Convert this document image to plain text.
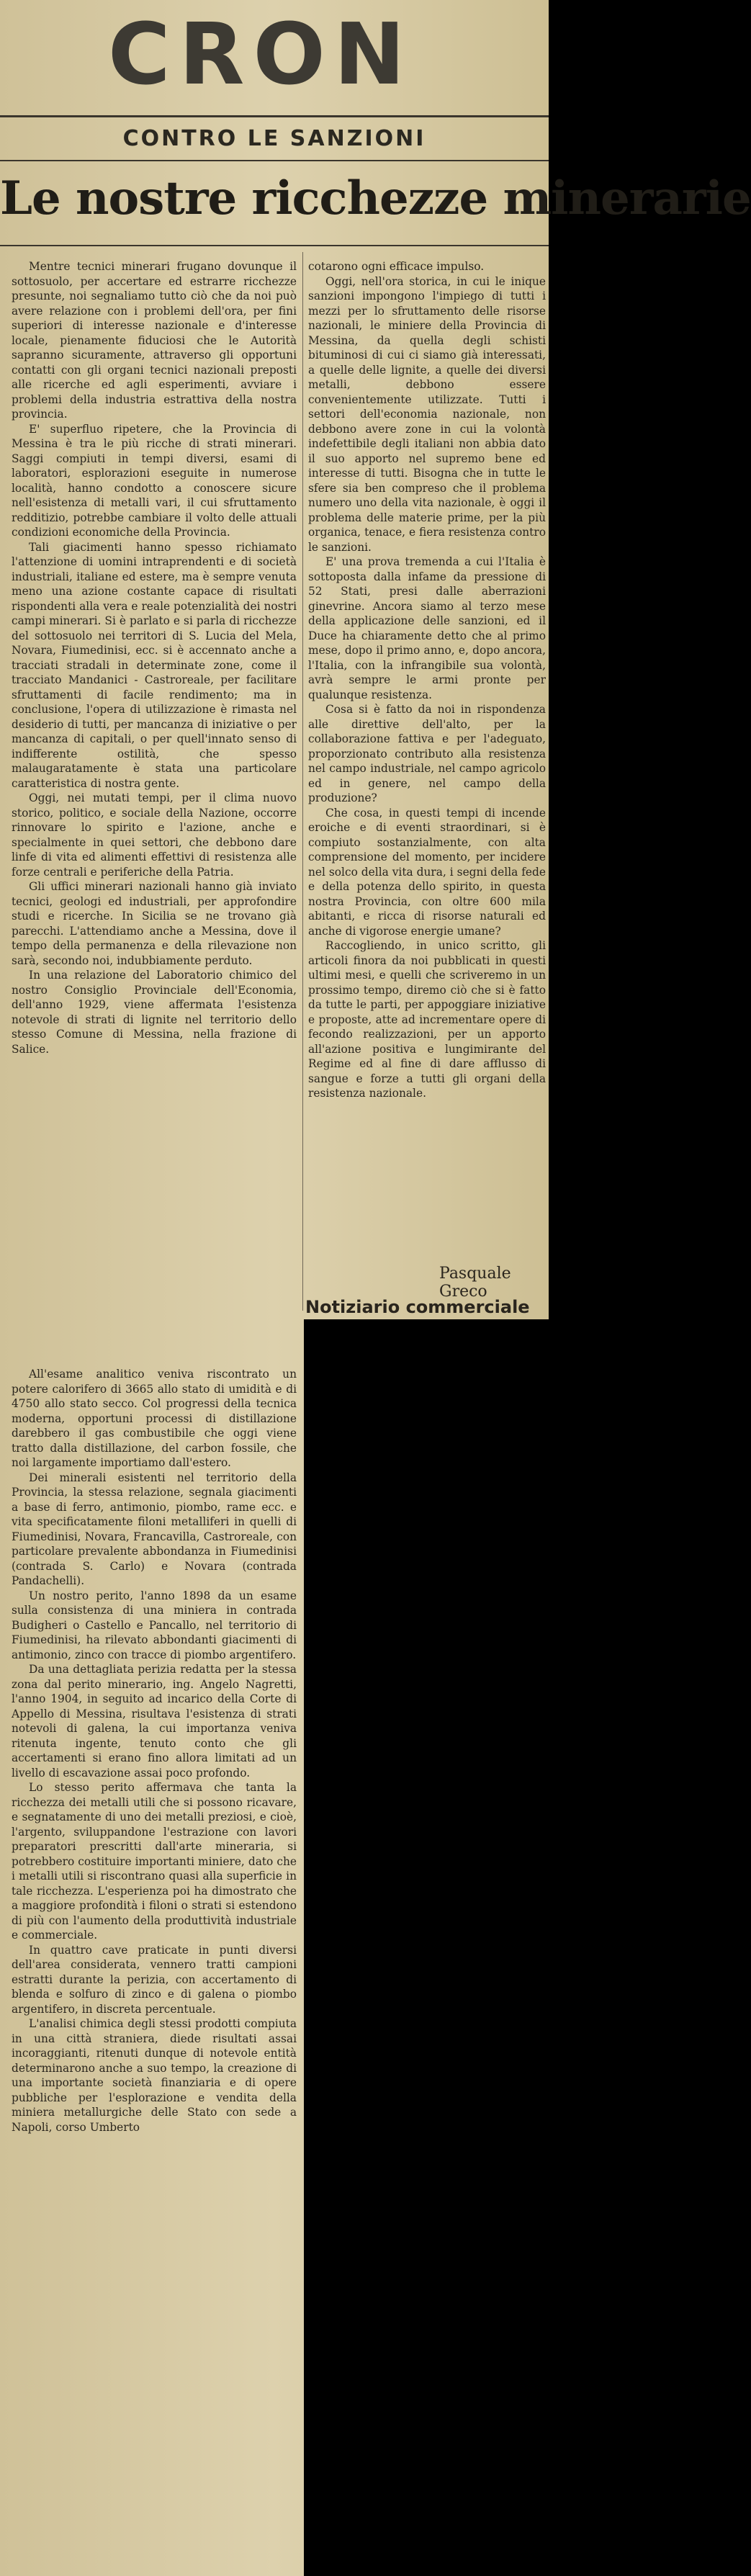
CRON
CONTRO LE SANZIONI
Le nostre ricchezze minerarie

Mentre tecnici minerari frugano dovunque il sottosuolo, per accertare ed estrarre ricchezze presunte, noi segnaliamo tutto ciò che da noi può avere relazione con i problemi dell'ora, per fini superiori di interesse nazionale e d'interesse locale, pienamente fiduciosi che le Autorità sapranno sicuramente, attraverso gli opportuni contatti con gli organi tecnici nazionali preposti alle ricerche ed agli esperimenti, avviare i problemi della industria estrattiva della nostra provincia.

E' superfluo ripetere, che la Provincia di Messina è tra le più ricche di strati minerari. Saggi compiuti in tempi diversi, esami di laboratori, esplorazioni eseguite in numerose località, hanno condotto a conoscere sicure nell'esistenza di metalli vari, il cui sfruttamento redditizio, potrebbe cambiare il volto delle attuali condizioni economiche della Provincia.

Tali giacimenti hanno spesso richiamato l'attenzione di uomini intraprendenti e di società industriali, italiane ed estere, ma è sempre venuta meno una azione costante capace di risultati rispondenti alla vera e reale potenzialità dei nostri campi minerari. Si è parlato e si parla di ricchezze del sottosuolo nei territori di S. Lucia del Mela, Novara, Fiumedinisi, ecc. si è accennato anche a tracciati stradali in determinate zone, come il tracciato Mandanici - Castroreale, per facilitare sfruttamenti di facile rendimento; ma in conclusione, l'opera di utilizzazione è rimasta nel desiderio di tutti, per mancanza di iniziative o per mancanza di capitali, o per quell'innato senso di indifferente ostilità, che spesso malaugaratamente è stata una particolare caratteristica di nostra gente.

Oggi, nei mutati tempi, per il clima nuovo storico, politico, e sociale della Nazione, occorre rinnovare lo spirito e l'azione, anche e specialmente in quei settori, che debbono dare linfe di vita ed alimenti effettivi di resistenza alle forze centrali e periferiche della Patria.

Gli uffici minerari nazionali hanno già inviato tecnici, geologi ed industriali, per approfondire studi e ricerche. In Sicilia se ne trovano già parecchi. L'attendiamo anche a Messina, dove il tempo della permanenza e della rilevazione non sarà, secondo noi, indubbiamente perduto.

In una relazione del Laboratorio chimico del nostro Consiglio Provinciale dell'Economia, dell'anno 1929, viene affermata l'esistenza notevole di strati di lignite nel territorio dello stesso Comune di Messina, nella frazione di Salice.

cotarono ogni efficace impulso.

Oggi, nell'ora storica, in cui le inique sanzioni impongono l'impiego di tutti i mezzi per lo sfruttamento delle risorse nazionali, le miniere della Provincia di Messina, da quella degli schisti bituminosi di cui ci siamo già interessati, a quelle delle lignite, a quelle dei diversi metalli, debbono essere convenientemente utilizzate. Tutti i settori dell'economia nazionale, non debbono avere zone in cui la volontà indefettibile degli italiani non abbia dato il suo apporto nel supremo bene ed interesse di tutti. Bisogna che in tutte le sfere sia ben compreso che il problema numero uno della vita nazionale, è oggi il problema delle materie prime, per la più organica, tenace, e fiera resistenza contro le sanzioni.

E' una prova tremenda a cui l'Italia è sottoposta dalla infame da pressione di 52 Stati, presi dalle aberrazioni ginevrine. Ancora siamo al terzo mese della applicazione delle sanzioni, ed il Duce ha chiaramente detto che al primo mese, dopo il primo anno, e, dopo ancora, l'Italia, con la infrangibile sua volontà, avrà sempre le armi pronte per qualunque resistenza.

Cosa si è fatto da noi in rispondenza alle direttive dell'alto, per la collaborazione fattiva e per l'adeguato, proporzionato contributo alla resistenza nel campo industriale, nel campo agricolo ed in genere, nel campo della produzione?

Che cosa, in questi tempi di incende eroiche e di eventi straordinari, si è compiuto sostanzialmente, con alta comprensione del momento, per incidere nel solco della vita dura, i segni della fede e della potenza dello spirito, in questa nostra Provincia, con oltre 600 mila abitanti, e ricca di risorse naturali ed anche di vigorose energie umane?

Raccogliendo, in unico scritto, gli articoli finora da noi pubblicati in questi ultimi mesi, e quelli che scriveremo in un prossimo tempo, diremo ciò che si è fatto da tutte le parti, per appoggiare iniziative e proposte, atte ad incrementare opere di fecondo realizzazioni, per un apporto all'azione positiva e lungimirante del Regime ed al fine di dare afflusso di sangue e forze a tutti gli organi della resistenza nazionale.

Pasquale Greco
Notiziario commerciale

All'esame analitico veniva riscontrato un potere calorifero di 3665 allo stato di umidità e di 4750 allo stato secco. Col progressi della tecnica moderna, opportuni processi di distillazione darebbero il gas combustibile che oggi viene tratto dalla distillazione, del carbon fossile, che noi largamente importiamo dall'estero.

Dei minerali esistenti nel territorio della Provincia, la stessa relazione, segnala giacimenti a base di ferro, antimonio, piombo, rame ecc. e vita specificatamente filoni metalliferi in quelli di Fiumedinisi, Novara, Francavilla, Castroreale, con particolare prevalente abbondanza in Fiumedinisi (contrada S. Carlo) e Novara (contrada Pandachelli).

Un nostro perito, l'anno 1898 da un esame sulla consistenza di una miniera in contrada Budigheri o Castello e Pancallo, nel territorio di Fiumedinisi, ha rilevato abbondanti giacimenti di antimonio, zinco con tracce di piombo argentifero.

Da una dettagliata perizia redatta per la stessa zona dal perito minerario, ing. Angelo Nagretti, l'anno 1904, in seguito ad incarico della Corte di Appello di Messina, risultava l'esistenza di strati notevoli di galena, la cui importanza veniva ritenuta ingente, tenuto conto che gli accertamenti si erano fino allora limitati ad un livello di escavazione assai poco profondo.

Lo stesso perito affermava che tanta la ricchezza dei metalli utili che si possono ricavare, e segnatamente di uno dei metalli preziosi, e cioè, l'argento, sviluppandone l'estrazione con lavori preparatori prescritti dall'arte mineraria, si potrebbero costituire importanti miniere, dato che i metalli utili si riscontrano quasi alla superficie in tale ricchezza. L'esperienza poi ha dimostrato che a maggiore profondità i filoni o strati si estendono di più con l'aumento della produttività industriale e commerciale.

In quattro cave praticate in punti diversi dell'area considerata, vennero tratti campioni estratti durante la perizia, con accertamento di blenda e solfuro di zinco e di galena o piombo argentifero, in discreta percentuale.

L'analisi chimica degli stessi prodotti compiuta in una città straniera, diede risultati assai incoraggianti, ritenuti dunque di notevole entità determinarono anche a suo tempo, la creazione di una importante società finanziaria e di opere pubbliche per l'esplorazione e vendita della miniera metallurgiche delle Stato con sede a Napoli, corso Umberto
